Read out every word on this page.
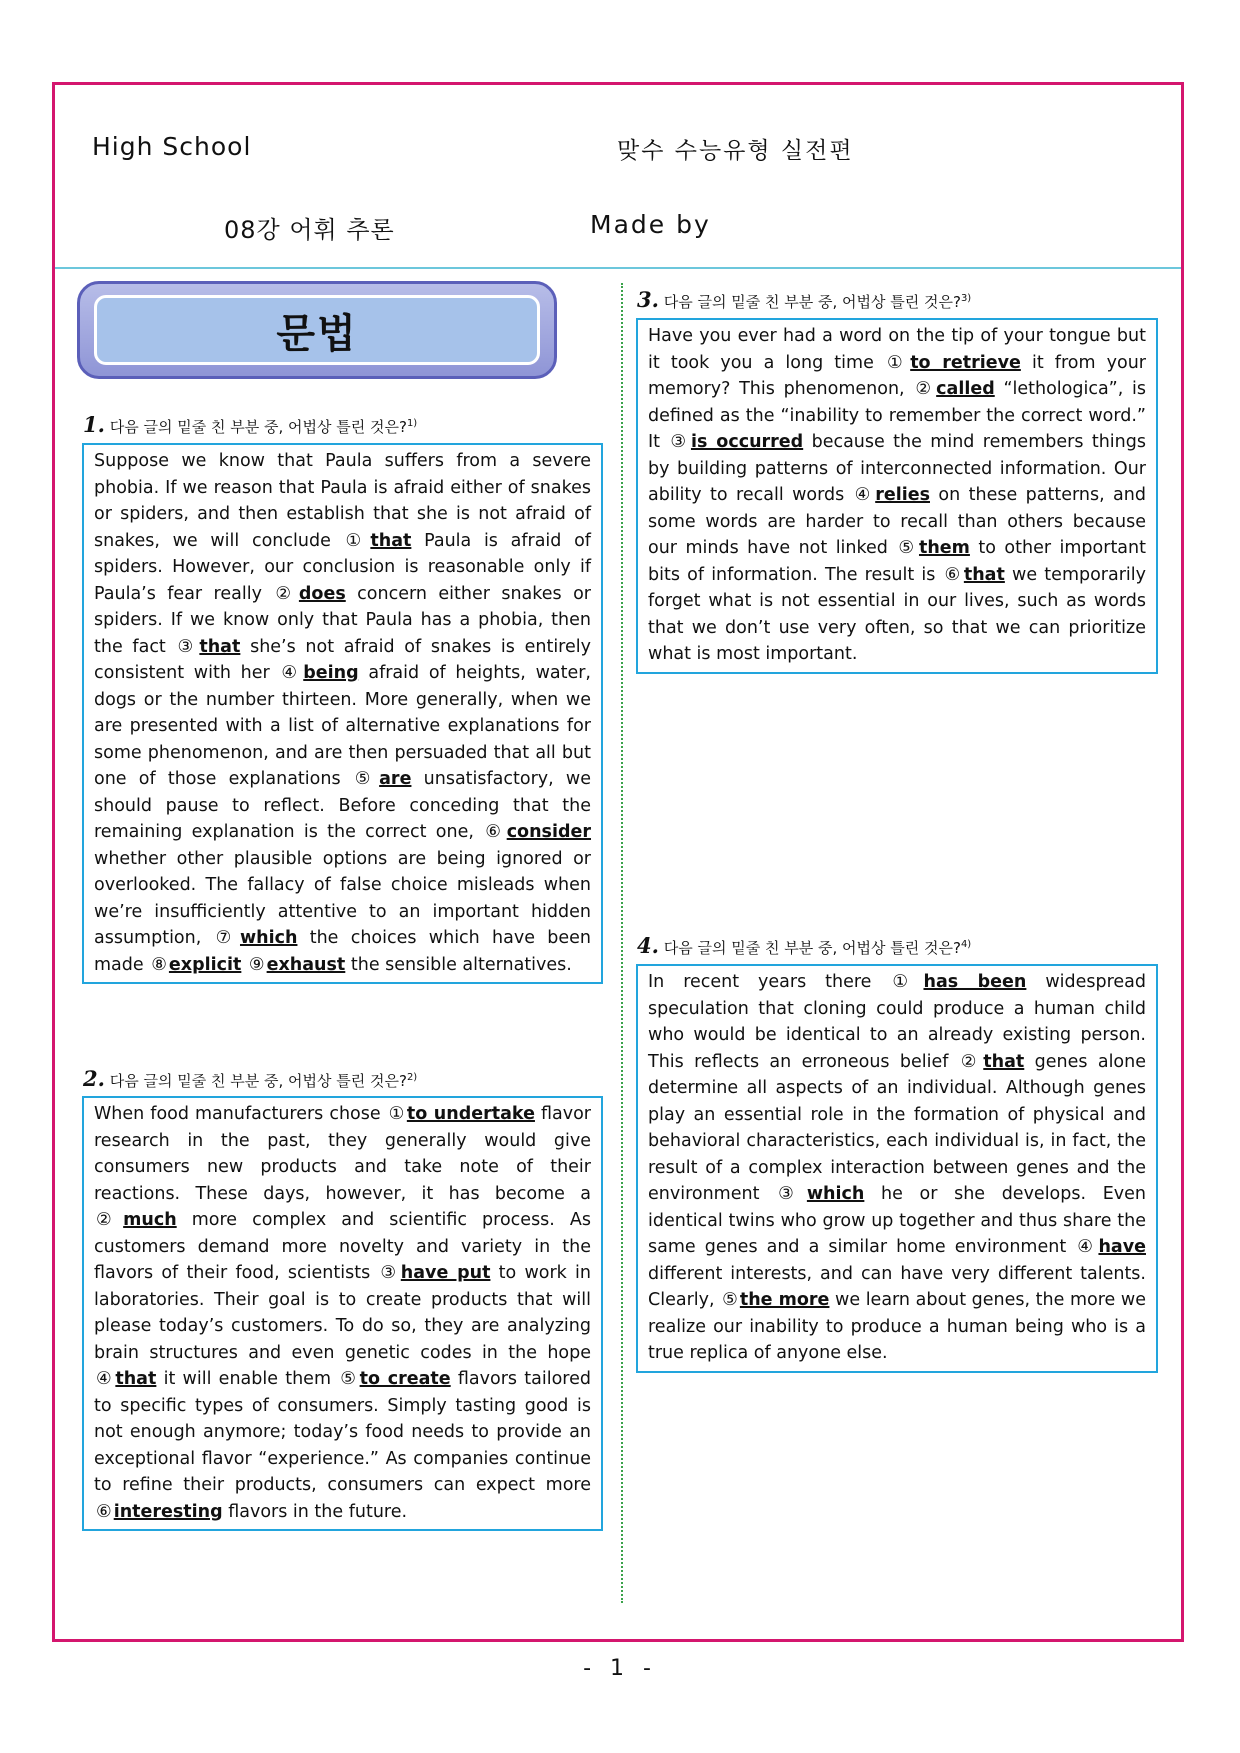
High School	맞수 수능유형 실전편
08강 어휘 추론	Made by
문법
1. 다음 글의 밑줄 친 부분 중, 어법상 틀린 것은?$^{1)}$

Suppose we know that Paula suffers from a severe phobia. If we reason that Paula is afraid either of snakes or spiders, and then establish that she is not afraid of snakes, we will conclude ① that Paula is afraid of spiders. However, our conclusion is reasonable only if Paula’s fear really ② does concern either snakes or spiders. If we know only that Paula has a phobia, then the fact ③ that she’s not afraid of snakes is entirely consistent with her ④ being afraid of heights, water, dogs or the number thirteen. More generally, when we are presented with a list of alternative explanations for some phenomenon, and are then persuaded that all but one of those explanations ⑤ are unsatisfactory, we should pause to reflect. Before conceding that the remaining explanation is the correct one, ⑥ consider whether other plausible options are being ignored or overlooked. The fallacy of false choice misleads when we’re insufficiently attentive to an important hidden assumption, ⑦ which the choices which have been made ⑧ explicit ⑨ exhaust the sensible alternatives.

2. 다음 글의 밑줄 친 부분 중, 어법상 틀린 것은?$^{2)}$

When food manufacturers chose ① to undertake flavor research in the past, they generally would give consumers new products and take note of their reactions. These days, however, it has become a ② much more complex and scientific process. As customers demand more novelty and variety in the flavors of their food, scientists ③ have put to work in laboratories. Their goal is to create products that will please today’s customers. To do so, they are analyzing brain structures and even genetic codes in the hope ④ that it will enable them ⑤ to create flavors tailored to specific types of consumers. Simply tasting good is not enough anymore; today’s food needs to provide an exceptional flavor “experience.” As companies continue to refine their products, consumers can expect more ⑥ interesting flavors in the future.

3. 다음 글의 밑줄 친 부분 중, 어법상 틀린 것은?$^{3)}$

Have you ever had a word on the tip of your tongue but it took you a long time ① to retrieve it from your memory? This phenomenon, ② called “lethologica”, is defined as the “inability to remember the correct word.” It ③ is occurred because the mind remembers things by building patterns of interconnected information. Our ability to recall words ④ relies on these patterns, and some words are harder to recall than others because our minds have not linked ⑤ them to other important bits of information. The result is ⑥ that we temporarily forget what is not essential in our lives, such as words that we don’t use very often, so that we can prioritize what is most important.

4. 다음 글의 밑줄 친 부분 중, 어법상 틀린 것은?$^{4)}$

In recent years there ① has been widespread speculation that cloning could produce a human child who would be identical to an already existing person. This reflects an erroneous belief ② that genes alone determine all aspects of an individual. Although genes play an essential role in the formation of physical and behavioral characteristics, each individual is, in fact, the result of a complex interaction between genes and the environment ③ which he or she develops. Even identical twins who grow up together and thus share the same genes and a similar home environment ④ have different interests, and can have very different talents. Clearly, ⑤ the more we learn about genes, the more we realize our inability to produce a human being who is a true replica of anyone else.

- 1 -
